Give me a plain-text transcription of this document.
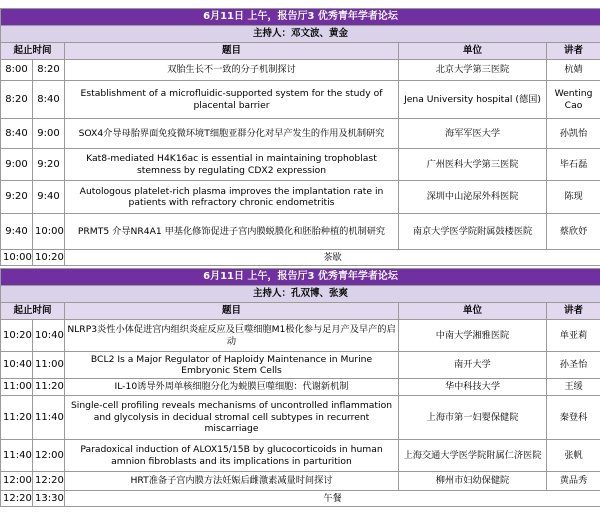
6月11日 上午，报告厅3 优秀青年学者论坛				
主持人：邓文波、黄金				
起止时间		题目	单位	讲者
8:00	8:20	双胎生长不一致的分子机制探讨	北京大学第三医院	杭婧
8:20	8:40	Establishment of a microfluidic-supported system for the study of placental barrier	Jena University hospital (德国)	Wenting Cao
8:40	9:00	SOX4介导母胎界面免疫微环境T细胞亚群分化对早产发生的作用及机制研究	海军军医大学	孙凯怡
9:00	9:20	Kat8-mediated H4K16ac is essential in maintaining trophoblast stemness by regulating CDX2 expression	广州医科大学第三医院	毕石磊
9:20	9:40	Autologous platelet-rich plasma improves the implantation rate in patients with refractory chronic endometritis	深圳中山泌尿外科医院	陈现
9:40	10:00	PRMT5 介导NR4A1 甲基化修饰促进子宫内膜蜕膜化和胚胎种植的机制研究	南京大学医学院附属鼓楼医院	蔡欣妤
10:00	10:20	茶歇		

6月11日 上午，报告厅3 优秀青年学者论坛				
主持人：孔双博、张爽				
起止时间		题目	单位	讲者
10:20	10:40	NLRP3炎性小体促进宫内组织炎症反应及巨噬细胞M1极化参与足月产及早产的启动	中南大学湘雅医院	单亚莉
10:40	11:00	BCL2 Is a Major Regulator of Haploidy Maintenance in Murine Embryonic Stem Cells	南开大学	孙圣怡
11:00	11:20	IL-10诱导外周单核细胞分化为蜕膜巨噬细胞：代谢新机制	华中科技大学	王缓
11:20	11:40	Single-cell profiling reveals mechanisms of uncontrolled inflammation and glycolysis in decidual stromal cell subtypes in recurrent miscarriage	上海市第一妇婴保健院	秦登科
11:40	12:00	Paradoxical induction of ALOX15/15B by glucocorticoids in human amnion fibroblasts and its implications in parturition	上海交通大学医学院附属仁济医院	张帆
12:00	12:20	HRT准备子宫内膜方法妊娠后雌激素减量时间探讨	柳州市妇幼保健院	黄品秀
12:20	13:30	午餐		
